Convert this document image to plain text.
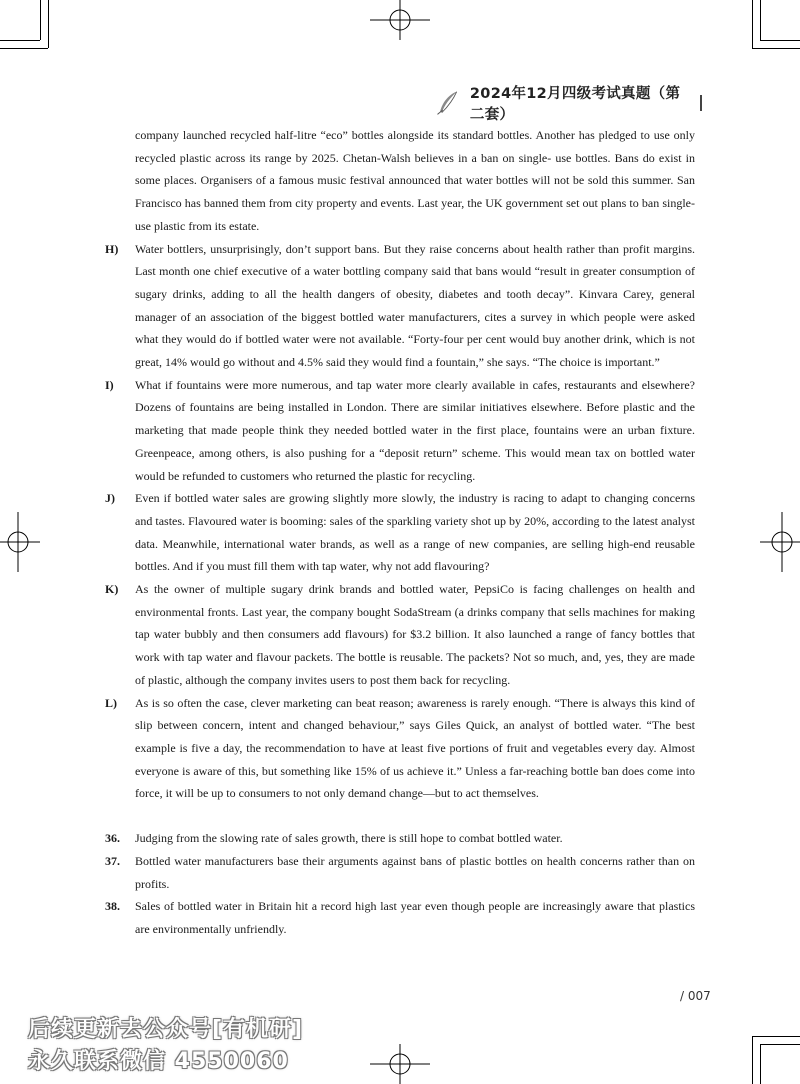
2024年12月四级考试真题（第二套）
company launched recycled half-litre “eco” bottles alongside its standard bottles. Another has pledged to use only recycled plastic across its range by 2025. Chetan-Walsh believes in a ban on single- use bottles. Bans do exist in some places. Organisers of a famous music festival announced that water bottles will not be sold this summer. San Francisco has banned them from city property and events. Last year, the UK government set out plans to ban single-use plastic from its estate.
H)	Water bottlers, unsurprisingly, don’t support bans. But they raise concerns about health rather than profit margins. Last month one chief executive of a water bottling company said that bans would “result in greater consumption of sugary drinks, adding to all the health dangers of obesity, diabetes and tooth decay”. Kinvara Carey, general manager of an association of the biggest bottled water manufacturers, cites a survey in which people were asked what they would do if bottled water were not available. “Forty-four per cent would buy another drink, which is not great, 14% would go without and 4.5% said they would find a fountain,” she says. “The choice is important.”
I)	What if fountains were more numerous, and tap water more clearly available in cafes, restaurants and elsewhere? Dozens of fountains are being installed in London. There are similar initiatives elsewhere. Before plastic and the marketing that made people think they needed bottled water in the first place, fountains were an urban fixture. Greenpeace, among others, is also pushing for a “deposit return” scheme. This would mean tax on bottled water would be refunded to customers who returned the plastic for recycling.
J)	Even if bottled water sales are growing slightly more slowly, the industry is racing to adapt to changing concerns and tastes. Flavoured water is booming: sales of the sparkling variety shot up by 20%, according to the latest analyst data. Meanwhile, international water brands, as well as a range of new companies, are selling high-end reusable bottles. And if you must fill them with tap water, why not add flavouring?
K)	As the owner of multiple sugary drink brands and bottled water, PepsiCo is facing challenges on health and environmental fronts. Last year, the company bought SodaStream (a drinks company that sells machines for making tap water bubbly and then consumers add flavours) for $3.2 billion. It also launched a range of fancy bottles that work with tap water and flavour packets. The bottle is reusable. The packets? Not so much, and, yes, they are made of plastic, although the company invites users to post them back for recycling.
L)	As is so often the case, clever marketing can beat reason; awareness is rarely enough. “There is always this kind of slip between concern, intent and changed behaviour,” says Giles Quick, an analyst of bottled water. “The best example is five a day, the recommendation to have at least five portions of fruit and vegetables every day. Almost everyone is aware of this, but something like 15% of us achieve it.” Unless a far-reaching bottle ban does come into force, it will be up to consumers to not only demand change—but to act themselves.
36.	Judging from the slowing rate of sales growth, there is still hope to combat bottled water.
37.	Bottled water manufacturers base their arguments against bans of plastic bottles on health concerns rather than on profits.
38.	Sales of bottled water in Britain hit a record high last year even though people are increasingly aware that plastics are environmentally unfriendly.
/ 007
后续更新去公众号[有机研]
永久联系微信 4550060
